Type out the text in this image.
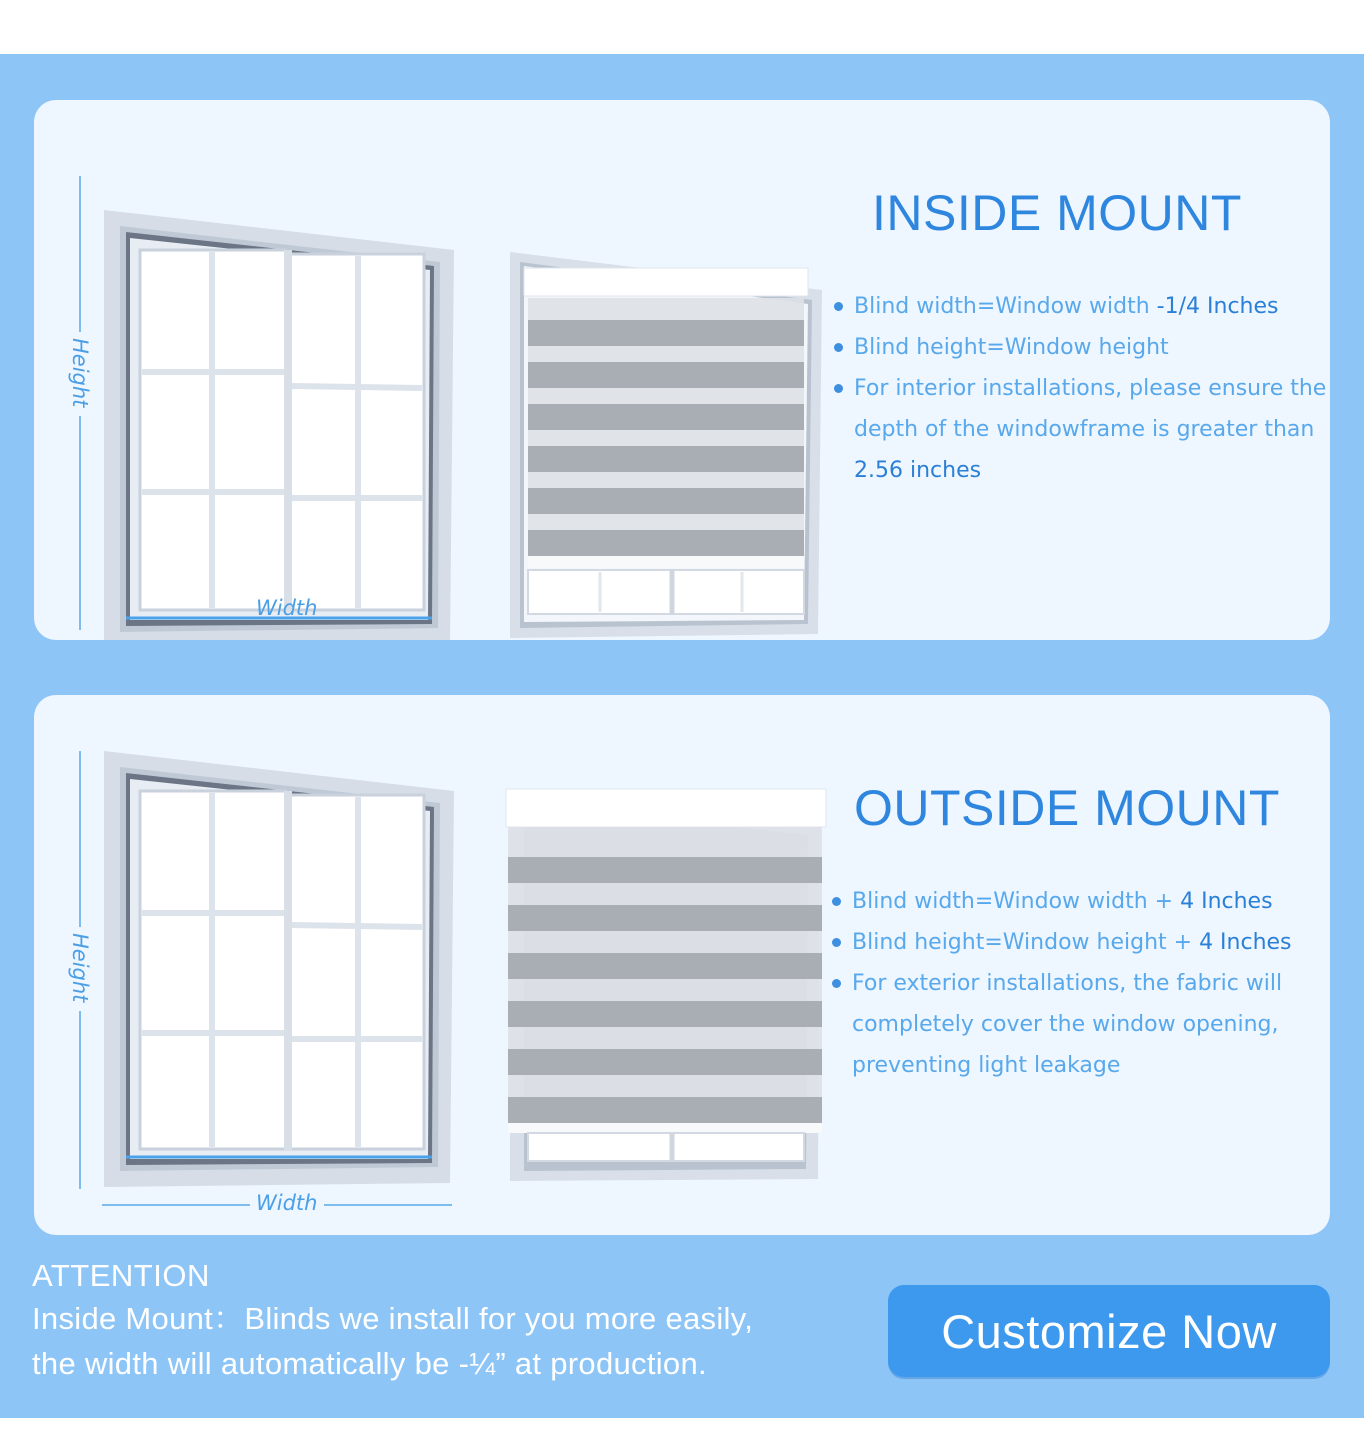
Width
Height
INSIDE MOUNT
Blind width=Window width -1/4 Inches
Blind height=Window height
For interior installations, please ensure the depth of the windowframe is greater than 2.56 inches
Width
Height
OUTSIDE MOUNT
Blind width=Window width + 4 Inches
Blind height=Window height + 4 Inches
For exterior installations, the fabric will completely cover the window opening, preventing light leakage
ATTENTION
Inside Mount：Blinds we install for you more easily,
the width will automatically be -¼” at production.
Customize Now
